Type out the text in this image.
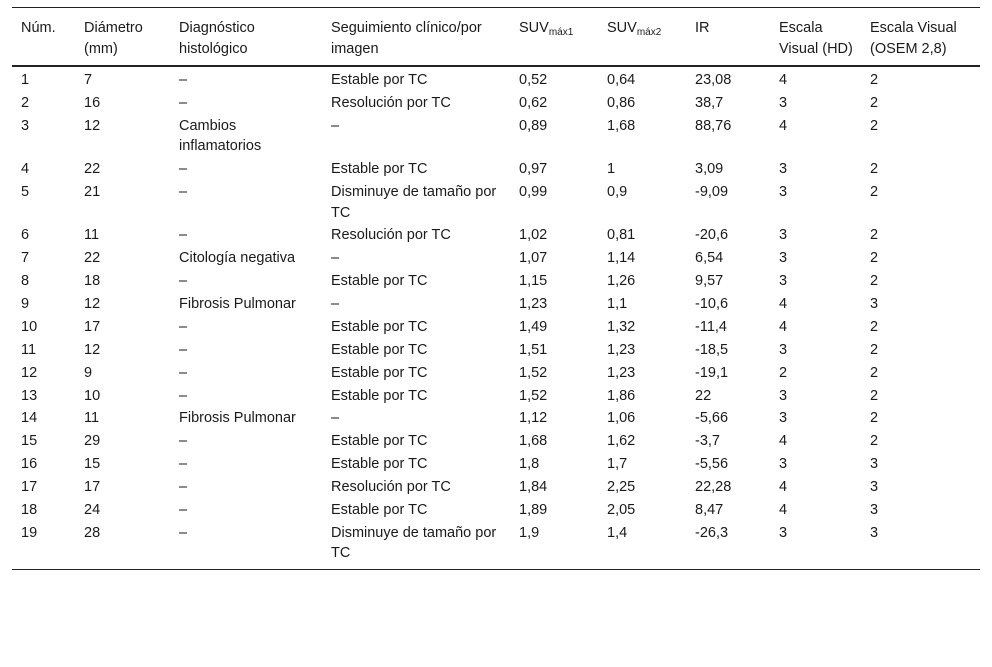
Núm.	Diámetro (mm)	Diagnóstico histológico	Seguimiento clínico/por imagen	$SUV_{máx1}$	$SUV_{máx2}$	IR	Escala Visual (HD)	Escala Visual (OSEM 2,8)
1	7	–	Estable por TC	0,52	0,64	23,08	4	2
2	16	–	Resolución por TC	0,62	0,86	38,7	3	2
3	12	Cambios inflamatorios	–	0,89	1,68	88,76	4	2
4	22	–	Estable por TC	0,97	1	3,09	3	2
5	21	–	Disminuye de tamaño por TC	0,99	0,9	-9,09	3	2
6	11	–	Resolución por TC	1,02	0,81	-20,6	3	2
7	22	Citología negativa	–	1,07	1,14	6,54	3	2
8	18	–	Estable por TC	1,15	1,26	9,57	3	2
9	12	Fibrosis Pulmonar	–	1,23	1,1	-10,6	4	3
10	17	–	Estable por TC	1,49	1,32	-11,4	4	2
11	12	–	Estable por TC	1,51	1,23	-18,5	3	2
12	9	–	Estable por TC	1,52	1,23	-19,1	2	2
13	10	–	Estable por TC	1,52	1,86	22	3	2
14	11	Fibrosis Pulmonar	–	1,12	1,06	-5,66	3	2
15	29	–	Estable por TC	1,68	1,62	-3,7	4	2
16	15	–	Estable por TC	1,8	1,7	-5,56	3	3
17	17	–	Resolución por TC	1,84	2,25	22,28	4	3
18	24	–	Estable por TC	1,89	2,05	8,47	4	3
19	28	–	Disminuye de tamaño por TC	1,9	1,4	-26,3	3	3
